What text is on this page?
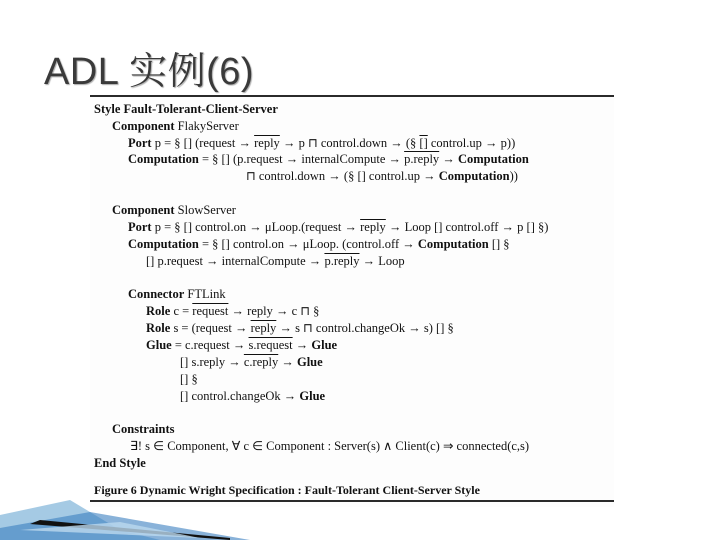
ADL 实例(6)
Style Fault-Tolerant-Client-Server
Component FlakyServer
Port p = § [] (request → reply → p ⊓ control.down → (§ [] control.up → p))
Computation = § [] (p.request → internalCompute → p.reply → Computation
⊓ control.down → (§ [] control.up → Computation))
Component SlowServer
Port p = § [] control.on → μLoop.(request → reply → Loop [] control.off → p [] §)
Computation = § [] control.on → μLoop. (control.off → Computation [] §
[] p.request → internalCompute → p.reply → Loop
Connector FTLink
Role c = request → reply → c ⊓ §
Role s = (request → reply → s ⊓ control.changeOk → s) [] §
Glue = c.request → s.request → Glue
[] s.reply → c.reply → Glue
[] §
[] control.changeOk → Glue
Constraints
∃! s ∈ Component, ∀ c ∈ Component : Server(s) ∧ Client(c) ⇒ connected(c,s)
End Style
Figure 6 Dynamic Wright Specification : Fault-Tolerant Client-Server Style
